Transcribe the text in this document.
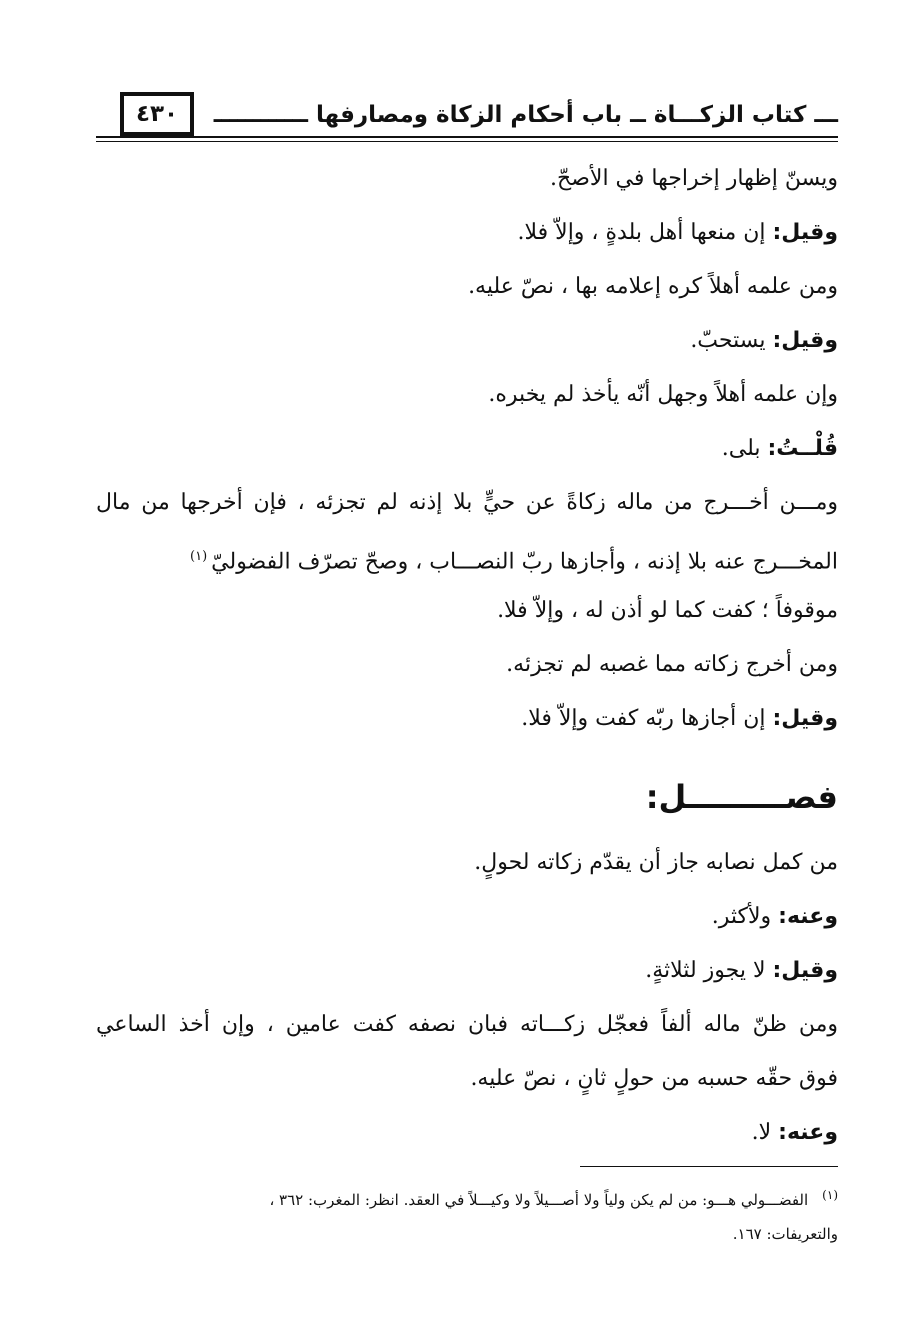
ـــ كتاب الزكـــاة ــ باب أحكام الزكاة ومصارفها ــــــــــــ
٤٣٠
ويسنّ إظهار إخراجها في الأصحّ.
وقيل: إن منعها أهل بلدةٍ ، وإلاّ فلا.
ومن علمه أهلاً كره إعلامه بها ، نصّ عليه.
وقيل: يستحبّ.
وإن علمه أهلاً وجهل أنّه يأخذ لم يخبره.
قُلْــتُ: بلى.
ومـــن أخـــرج من ماله زكاةً عن حيٍّ بلا إذنه لم تجزئه ، فإن أخرجها من مال
المخـــرج عنه بلا إذنه ، وأجازها ربّ النصـــاب ، وصحّ تصرّف الفضوليّ$^{(١)}$
موقوفاً ؛ كفت كما لو أذن له ، وإلاّ فلا.
ومن أخرج زكاته مما غصبه لم تجزئه.
وقيل: إن أجازها ربّه كفت وإلاّ فلا.
فصـــــــــل:
من كمل نصابه جاز أن يقدّم زكاته لحولٍ.
وعنه: ولأكثر.
وقيل: لا يجوز لثلاثةٍ.
ومن ظنّ ماله ألفاً فعجّل زكـــاته فبان نصفه كفت عامين ، وإن أخذ الساعي
فوق حقّه حسبه من حولٍ ثانٍ ، نصّ عليه.
وعنه: لا.
$^{(١)}$الفضـــولي هـــو: من لم يكن ولياً ولا أصـــيلاً ولا وكيـــلاً في العقد. انظر: المغرب: ٣٦٢ ،
والتعريفات: ١٦٧.
